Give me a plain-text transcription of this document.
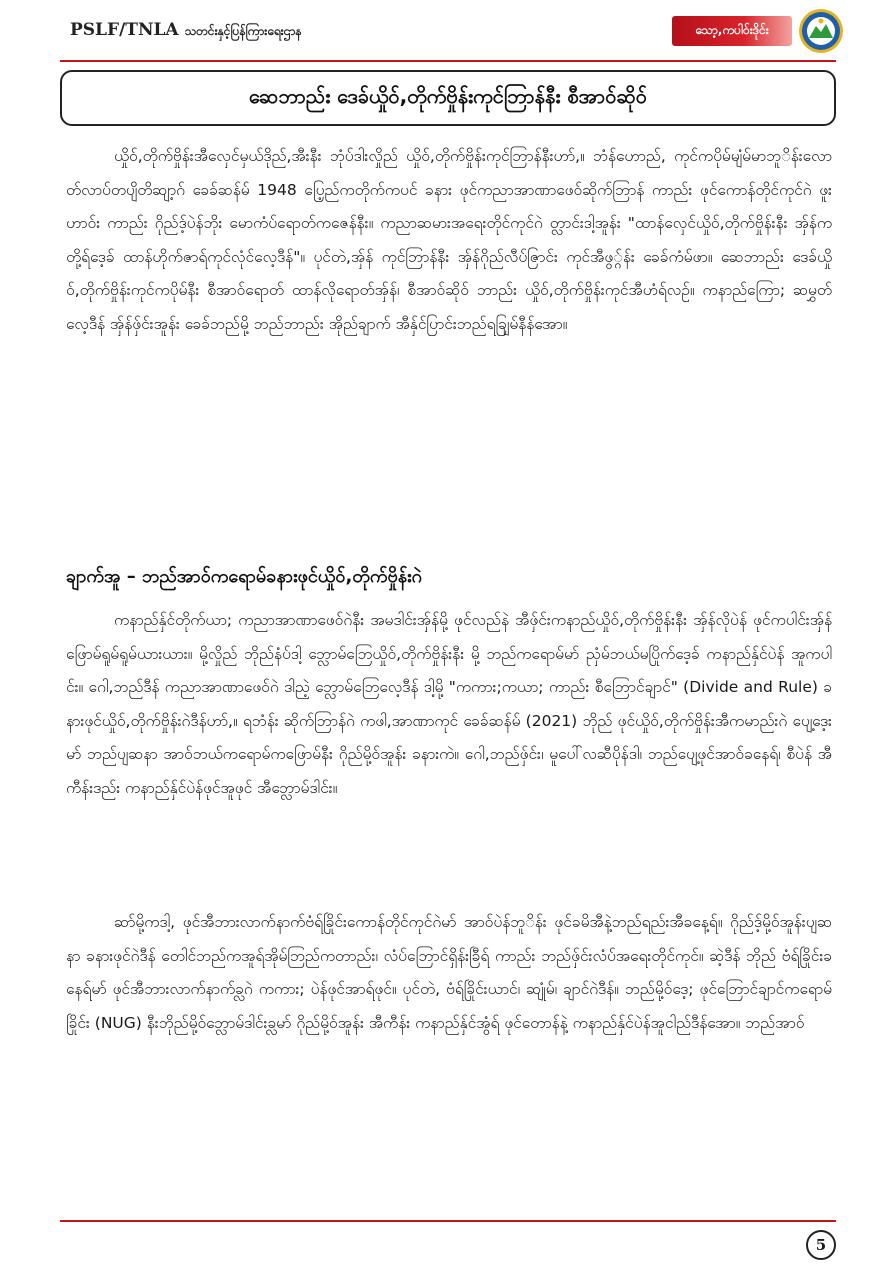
PSLF/TNLA သတင်းနှင့်ပြန်ကြားရေးဌာန	သော့,ကပါဝ်းဒိုင်း
ဆေဘာည်း ဒေခ်ယှိုဝ်,တိုက်ဗှိုန်းကုင်ဘြာန်နီး စီအာဝ်ဆိုဝ်

ယှိုဝ်,တိုက်ဗှိုန်းအီလှေင်မှယ်ဒိုည်,အီးနီး ဘုံပ်ဒါးလှိုည် ယှိုဝ်,တိုက်ဗှိုန်းကုင်ဘြာန်နီးဟာ်,။ ဘံန်ဟောည်, ကုင်ကပိုမ်မျံမ်မာဘူိန်းလောတ်လာပ်တပျိတိဆျာ့ဂ် ခေခ်ဆန်မ် 1948 ပြေ့ည်ကတိုက်ကပင် ခနား ဖုင်ကညာအာဏာဖေဝ်ဆိုက်ဘြာန် ကာည်း ဖုင်ကောန်တိုင်ကုင်ဂဲ ဖူးဟာဝ်း ကာည်း ဂိုည်ဒ့်ပဲန်ဘိုး မောကံပ်ရောတ်ကဇေန်နီး။ ကညာဆမားအရေးတိုင်ကုင်ဂဲ တ္လာင်းဒါ့အူန်း "ထာန်လှေင်ယှိုဝ်,တိုက်ဗှိုန်းနီး အှ်န်ကတို့ရ်ဒေ့ခ် ထာန်ဟိုက်ဇာရ်ကုင်လုံင်လေ့ဒီန်"။ ပုင်တဲ,အှ်န် ကုင်ဘြာန်နီး အှ်န်ဂိုည်လီပ်ဇြာင်း ကုင်အီဖွ္ဂ်န်း ခေခ်ကံမ်ဖာ။ ဆေဘာည်း ဒေခ်ယှိုဝ်,တိုက်ဗှိုန်းကုင်ကပိုမ်နီး စီအာဝ်ရောတ် ထာန်လိုရောတ်အှ်န်၊ စီအာဝ်ဆိုဝ် ဘာည်း ယှိုဝ်,တိုက်ဗှိုန်းကုင်အီဟံရ်လဉ်။ ကနာည်ကြော; ဆမွှတ်လေ့ဒီန် အှ်န်ဖှ်င်းအူန်း ခေခ်ဘည်မို့ ဘည်ဘာည်း အိုည်ချာက် အီနှ်င်ပြာင်းဘည်ရချြမ်နီန်အော။

ချာက်အူ – ဘည်အာဝ်ကရောမ်ခနားဖုင်ယှိုဝ်,တိုက်ဗှိုန်းဂဲ

ကနာည်နှ်င်တိုက်ယာ; ကညာအာဏာဖေဝ်ဂဲနီး အမဒါင်းအှ်န်မို့ ဖုင်လည်နဲ အီဖှ်င်းကနာည်ယှိုဝ်,တိုက်ဗှိုန်းနီး အှ်န်လိုပဲန် ဖုင်ကပါင်းအှ်န်ဖြောမ်ရူမ်ရူမ်ယားယား။ မို့လှိုည် ဘိုည်နံပ်ဒါ့ ဘ္လောမ်ဘြေယှိုဝ်,တိုက်ဗှိုန်းနီး မို့ ဘည်ကရောမ်မာ် ညှံမ်ဘယ်မပြိုက်ဒေ့ခ် ကနာည်နှ်င်ပဲန် အူကပါင်း။ ဂေါ,ဘည်ဒီန် ကညာအာဏာဖေဝ်ဂဲ ဒါညဲ့ ဘ္လောမ်ဘြေလေ့ဒီန် ဒါ့မို့ "ကကား;ကယာ; ကာည်း စီဘြောင်ချာင်" (Divide and Rule) ခနားဖုင်ယှိုဝ်,တိုက်ဗှိုန်းဂဲဒီန်ဟာ်,။ ရဘံန်း ဆိုက်ဘြာန်ဂဲ ကဖါ,အာဏာကုင် ခေခ်ဆန်မ် (2021) ဘိုည် ဖုင်ယှိုဝ်,တိုက်ဗှိုန်းအီကမာည်းဂဲ ပျေ့ဒေ့းမာ် ဘည်ပျဆနာ အာဝ်ဘယ်ကရောမ်ကဖြောမ်နီး ဂိုည်မို့ဝ်အူန်း ခနားကဲ။ ဂေါ,ဘည်ဖှ်င်း၊ မူပေါ်လဆီပိုန်ဒါ၊ ဘည်ပျေ့ဖုင်အာဝ်ခနေရ်၊ စီပဲန် အီကီန်းဒည်း ကနာည်နှ်င်ပဲန်ဖုင်အူဖုင် အီဘ္လောမ်ဒါင်း။

ဆာ်မို့ကဒါ့, ဖုင်အီဘားလာက်နာက်ဗံရ်ခြိုင်းကောန်တိုင်ကုင်ဂဲမာ် အာဝ်ပဲန်ဘူိန်း ဖုင်ခမိအီနဲ့ဘည်ရည်းအီခနေ့ရ်။ ဂိုည်ဒ့်မို့ဝ်အူန်းပျဆနာ ခနားဖုင်ဂဲဒီန် တေါင်ဘည်ကအူရ်အိုမ်ဘြည်ကတာည်း၊ လံပ်ဘြောင်ရှိန်းခြီရ် ကာည်း ဘည်ဖှ်င်းလံပ်အရေးတိုင်ကုင်။ ဆဲ့ဒီန် ဘိုည် ဗံရ်ခြိုင်းခနေရ်မာ် ဖုင်အီဘားလာက်နာက်ခ္လဂဲ ကကား; ပဲန်ဖုင်အာရ်ဖုင်။ ပုင်တဲ, ဗံရ်ခြိုင်းယာင်၊ ဆျုံမ်၊ ချာင်ဂဲဒီန်။ ဘည်မို့ဝ်ဒေ့; ဖုင်ဘြောင်ချာင်ကရောမ်ခြိုင်း (NUG) နီးဘိုည်မို့ဝ်ဘ္လောမ်ဒါင်းခ္လမာ် ဂိုည်မို့ဝ်အူန်း အီကီန်း ကနာည်နှ်င်အွံရ် ဖုင်တောန်နဲ့ ကနာည်နှ်င်ပဲန်အူငါည်ဒီန်အော။ ဘည်အာဝ်

5
